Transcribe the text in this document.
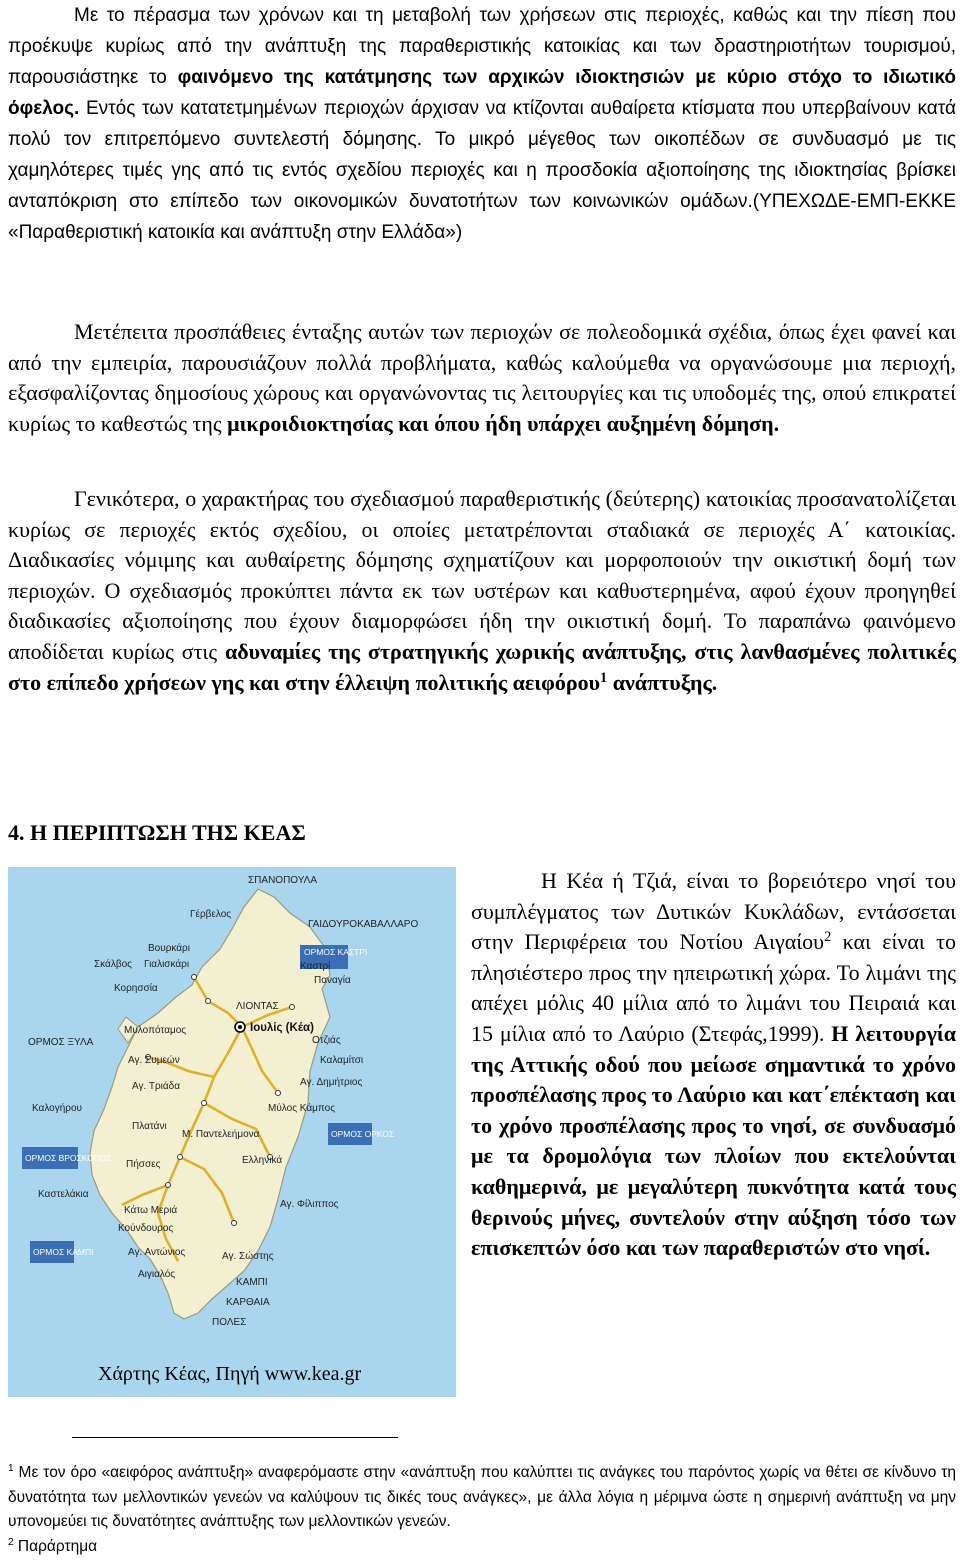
Με το πέρασμα των χρόνων και τη μεταβολή των χρήσεων στις περιοχές, καθώς και την πίεση που προέκυψε κυρίως από την ανάπτυξη της παραθεριστικής κατοικίας και των δραστηριοτήτων τουρισμού, παρουσιάστηκε το φαινόμενο της κατάτμησης των αρχικών ιδιοκτησιών με κύριο στόχο το ιδιωτικό όφελος. Εντός των κατατετμημένων περιοχών άρχισαν να κτίζονται αυθαίρετα κτίσματα που υπερβαίνουν κατά πολύ τον επιτρεπόμενο συντελεστή δόμησης. Το μικρό μέγεθος των οικοπέδων σε συνδυασμό με τις χαμηλότερες τιμές γης από τις εντός σχεδίου περιοχές και η προσδοκία αξιοποίησης της ιδιοκτησίας βρίσκει ανταπόκριση στο επίπεδο των οικονομικών δυνατοτήτων των κοινωνικών ομάδων.(ΥΠΕΧΩΔΕ-ΕΜΠ-ΕΚΚΕ «Παραθεριστική κατοικία και ανάπτυξη στην Ελλάδα»)

Μετέπειτα προσπάθειες ένταξης αυτών των περιοχών σε πολεοδομικά σχέδια, όπως έχει φανεί και από την εμπειρία, παρουσιάζουν πολλά προβλήματα, καθώς καλούμεθα να οργανώσουμε μια περιοχή, εξασφαλίζοντας δημοσίους χώρους και οργανώνοντας τις λειτουργίες και τις υποδομές της, οπού επικρατεί κυρίως το καθεστώς της μικροιδιοκτησίας και όπου ήδη υπάρχει αυξημένη δόμηση.

Γενικότερα, ο χαρακτήρας του σχεδιασμού παραθεριστικής (δεύτερης) κατοικίας προσανατολίζεται κυρίως σε περιοχές εκτός σχεδίου, οι οποίες μετατρέπονται σταδιακά σε περιοχές Α΄ κατοικίας. Διαδικασίες νόμιμης και αυθαίρετης δόμησης σχηματίζουν και μορφοποιούν την οικιστική δομή των περιοχών. Ο σχεδιασμός προκύπτει πάντα εκ των υστέρων και καθυστερημένα, αφού έχουν προηγηθεί διαδικασίες αξιοποίησης που έχουν διαμορφώσει ήδη την οικιστική δομή. Το παραπάνω φαινόμενο αποδίδεται κυρίως στις αδυναμίες της στρατηγικής χωρικής ανάπτυξης, στις λανθασμένες πολιτικές στο επίπεδο χρήσεων γης και στην έλλειψη πολιτικής αειφόρου$^1$ ανάπτυξης.

4. Η ΠΕΡΙΠΤΩΣΗ ΤΗΣ ΚΕΑΣ
ΣΠΑΝΟΠΟΥΛΑ
Γέρβελος
ΓΑΙΔΟΥΡΟΚΑΒΑΛΛΑΡΟ
ΟΡΜΟΣ ΚΑΣΤΡΙ
Παναγία
Καστρί
Σκάλβος Γιαλισκάρι
Βουρκάρι
Κορησσία
ΛΙΟΝΤΑΣ
ΟΡΜΟΣ ΞΥΛΑ
Μυλοπόταμος	Ιουλίς (Κέα)
Αγ. Συμεών
Οτζιάς
Καλαμίτσι
Αγ. Τριάδα	Αγ. Δημήτριος
Μύλος Κάμπος
ΟΡΜΟΣ ΟΡΚΟΣ
Καλογήρου
ΟΡΜΟΣ ΒΡΟΣΚΟΠΟΣ
Μ. Παντελεήμονα
Ελληνικά
Πλατάνι
Πήσσες
Καστελάκια
Κάτω Μεριά
Κούνδουρος
Αγ. Φίλιππος
ΟΡΜΟΣ ΚΑΜΠΙ	Αγ. Αντώνιος
Αιγιαλός
Αγ. Σώστης
ΚΑΜΠΙ
ΚΑΡΘΑΙΑ
ΠΟΛΕΣ
Χάρτης Κέας, Πηγή www.kea.gr

Η Κέα ή Τζιά, είναι το βορειότερο νησί του συμπλέγματος των Δυτικών Κυκλάδων, εντάσσεται στην Περιφέρεια του Νοτίου Αιγαίου$^2$ και είναι το πλησιέστερο προς την ηπειρωτική χώρα. Το λιμάνι της απέχει μόλις 40 μίλια από το λιμάνι του Πειραιά και 15 μίλια από το Λαύριο (Στεφάς,1999). Η λειτουργία της Αττικής οδού που μείωσε σημαντικά το χρόνο προσπέλασης προς το Λαύριο και κατ΄επέκταση και το χρόνο προσπέλασης προς το νησί, σε συνδυασμό με τα δρομολόγια των πλοίων που εκτελούνται καθημερινά, με μεγαλύτερη πυκνότητα κατά τους θερινούς μήνες, συντελούν στην αύξηση τόσο των επισκεπτών όσο και των παραθεριστών στο νησί.

$^1$ Με τον όρο «αειφόρος ανάπτυξη» αναφερόμαστε στην «ανάπτυξη που καλύπτει τις ανάγκες του παρόντος χωρίς να θέτει σε κίνδυνο τη δυνατότητα των μελλοντικών γενεών να καλύψουν τις δικές τους ανάγκες», με άλλα λόγια η μέριμνα ώστε η σημερινή ανάπτυξη να μην υπονομεύει τις δυνατότητες ανάπτυξης των μελλοντικών γενεών.

$^2$ Παράρτημα
